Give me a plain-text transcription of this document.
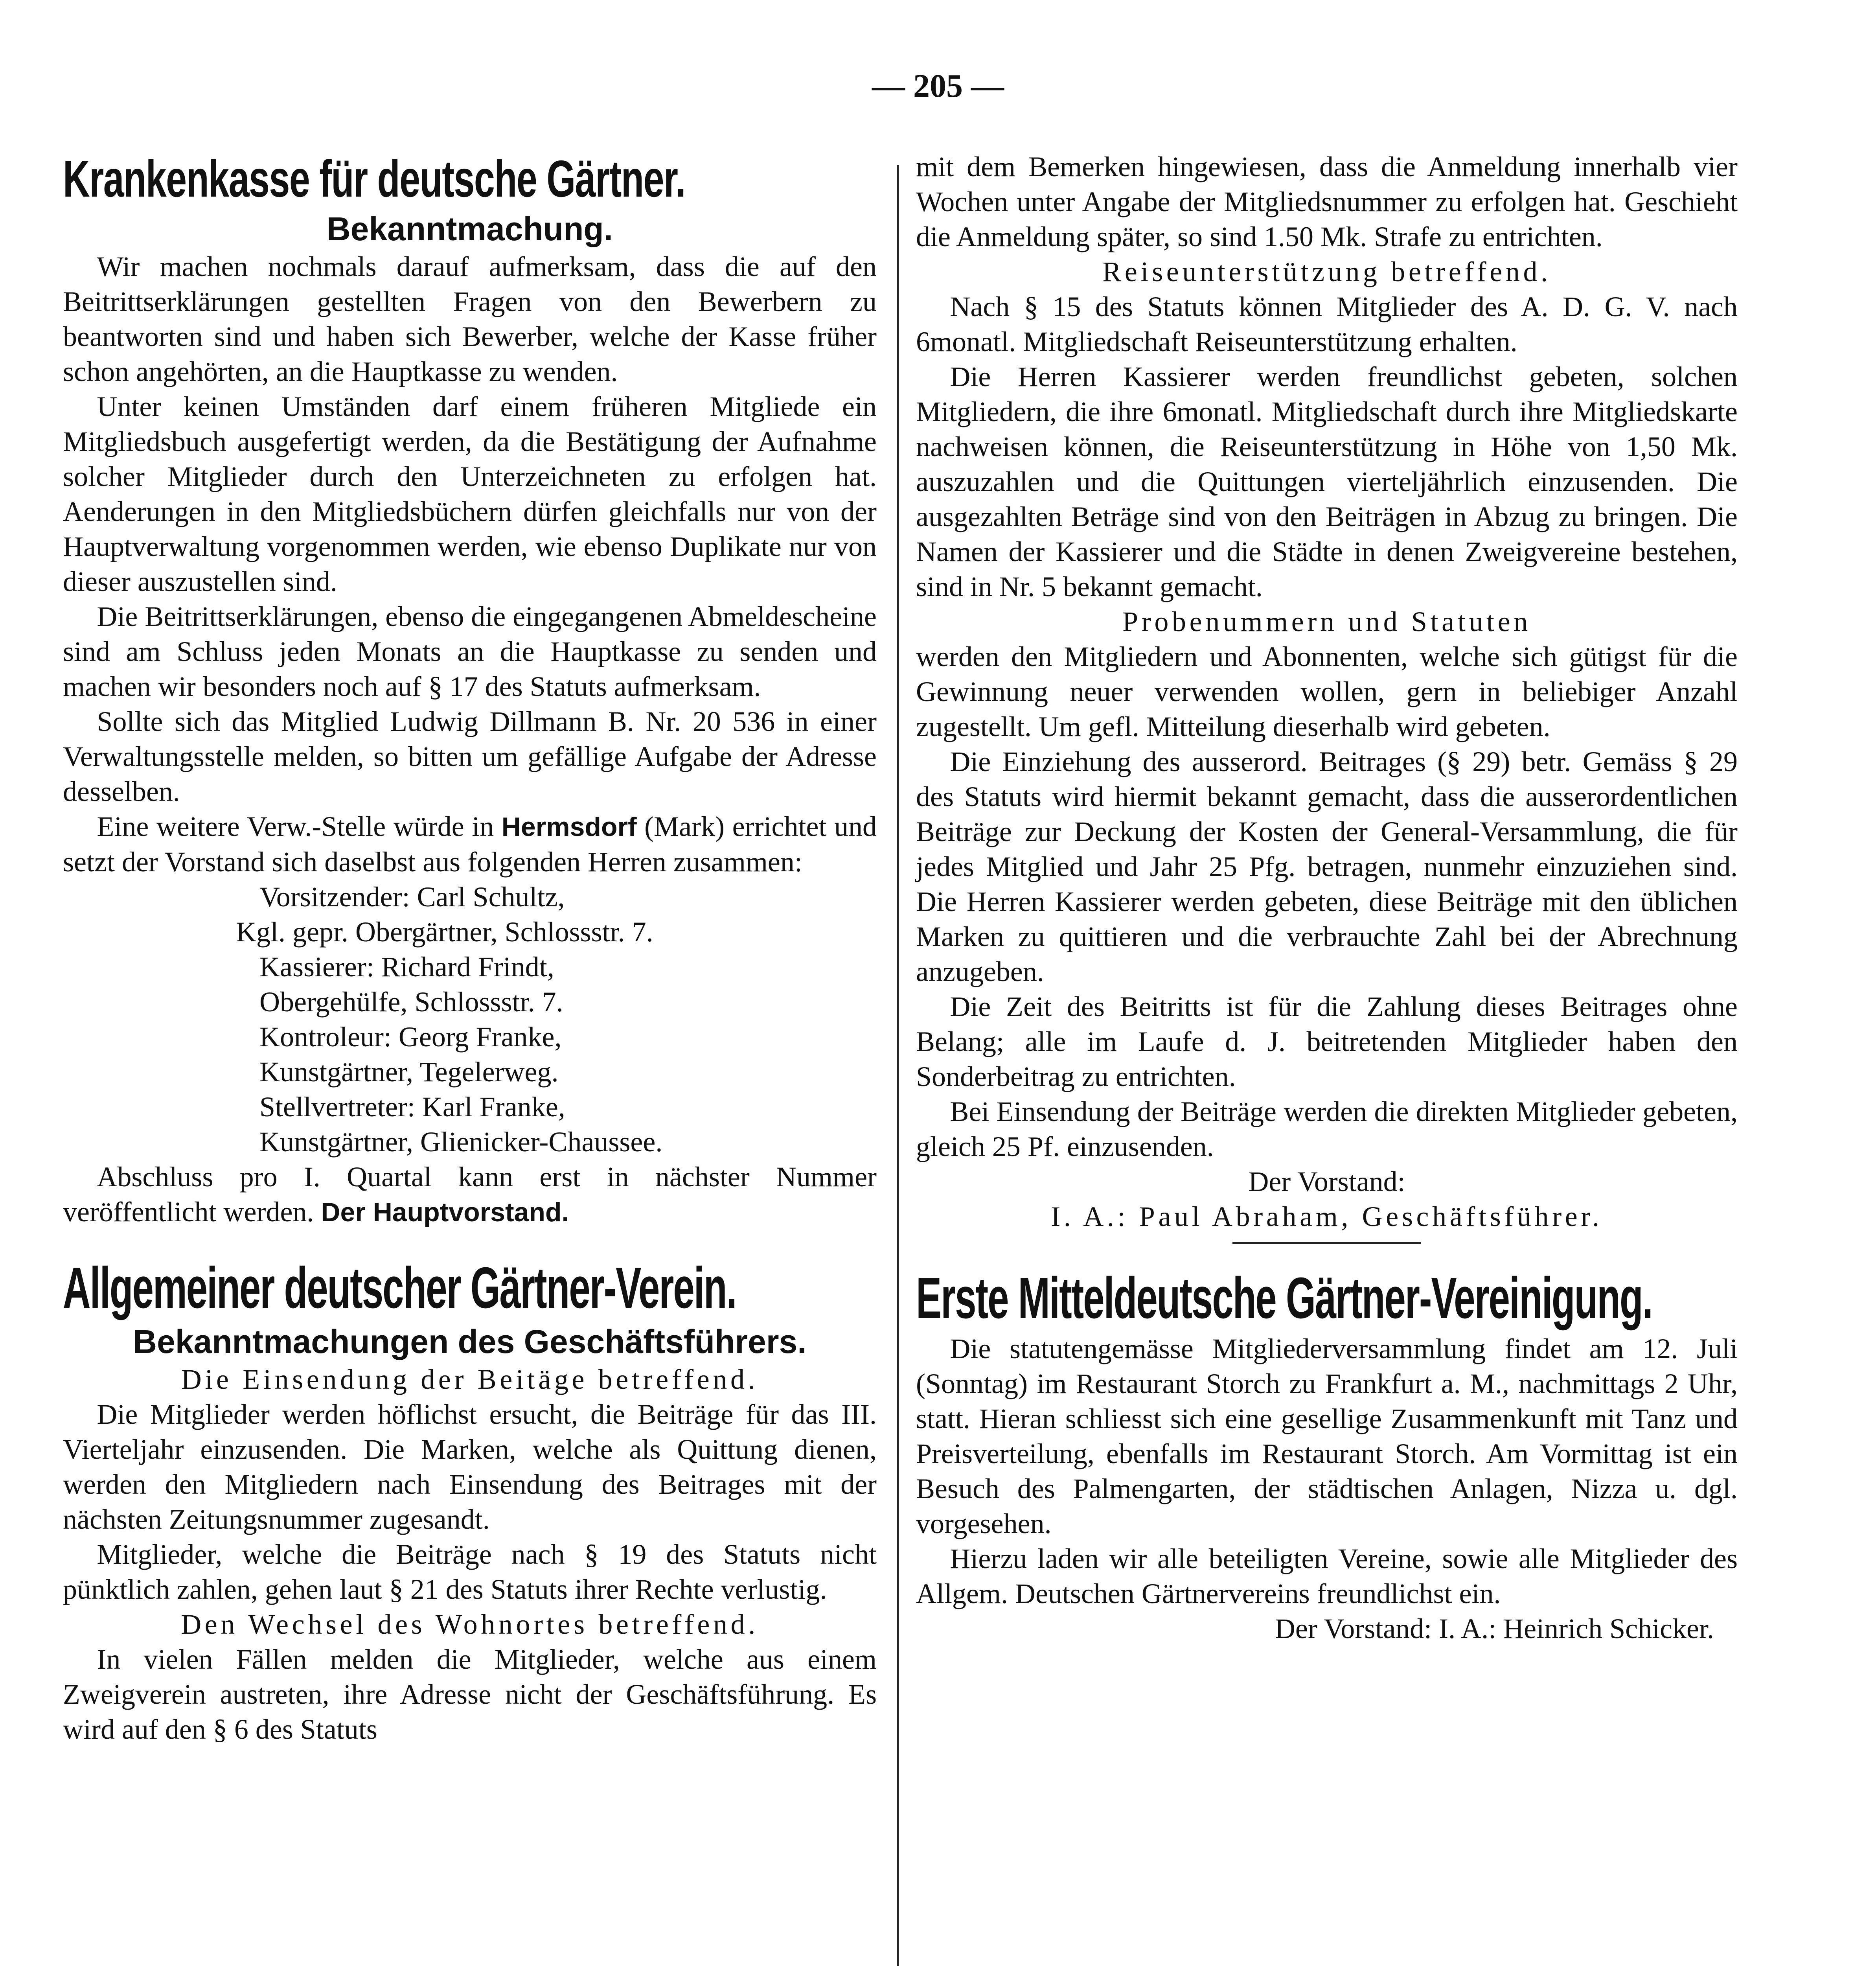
— 205 —
Krankenkasse für deutsche Gärtner.
Bekanntmachung.

Wir machen nochmals darauf aufmerksam, dass die auf den Beitrittserklärungen gestellten Fragen von den Bewerbern zu beantworten sind und haben sich Bewerber, welche der Kasse früher schon angehörten, an die Hauptkasse zu wenden.

Unter keinen Umständen darf einem früheren Mitgliede ein Mitgliedsbuch ausgefertigt werden, da die Bestätigung der Aufnahme solcher Mitglieder durch den Unterzeichneten zu erfolgen hat. Aenderungen in den Mitgliedsbüchern dürfen gleichfalls nur von der Hauptverwaltung vorgenommen werden, wie ebenso Duplikate nur von dieser auszustellen sind.

Die Beitrittserklärungen, ebenso die eingegangenen Abmeldescheine sind am Schluss jeden Monats an die Hauptkasse zu senden und machen wir besonders noch auf § 17 des Statuts aufmerksam.

Sollte sich das Mitglied Ludwig Dillmann B. Nr. 20 536 in einer Verwaltungsstelle melden, so bitten um gefällige Aufgabe der Adresse desselben.

Eine weitere Verw.-Stelle würde in Hermsdorf (Mark) errichtet und setzt der Vorstand sich daselbst aus folgenden Herren zusammen:

Vorsitzender: Carl Schultz,
Kgl. gepr. Obergärtner, Schlossstr. 7.
Kassierer: Richard Frindt,
Obergehülfe, Schlossstr. 7.
Kontroleur: Georg Franke,
Kunstgärtner, Tegelerweg.
Stellvertreter: Karl Franke,
Kunstgärtner, Glienicker-Chaussee.

Abschluss pro I. Quartal kann erst in nächster Nummer veröffentlicht werden. Der Hauptvorstand.

Allgemeiner deutscher Gärtner-Verein.
Bekanntmachungen des Geschäftsführers.
Die Einsendung der Beitäge betreffend.

Die Mitglieder werden höflichst ersucht, die Beiträge für das III. Vierteljahr einzusenden. Die Marken, welche als Quittung dienen, werden den Mitgliedern nach Einsendung des Beitrages mit der nächsten Zeitungsnummer zugesandt.

Mitglieder, welche die Beiträge nach § 19 des Statuts nicht pünktlich zahlen, gehen laut § 21 des Statuts ihrer Rechte verlustig.

Den Wechsel des Wohnortes betreffend.

In vielen Fällen melden die Mitglieder, welche aus einem Zweigverein austreten, ihre Adresse nicht der Geschäftsführung. Es wird auf den § 6 des Statuts

mit dem Bemerken hingewiesen, dass die Anmeldung innerhalb vier Wochen unter Angabe der Mitgliedsnummer zu erfolgen hat. Geschieht die Anmeldung später, so sind 1.50 Mk. Strafe zu entrichten.

Reiseunterstützung betreffend.

Nach § 15 des Statuts können Mitglieder des A. D. G. V. nach 6monatl. Mitgliedschaft Reiseunterstützung erhalten.

Die Herren Kassierer werden freundlichst gebeten, solchen Mitgliedern, die ihre 6monatl. Mitgliedschaft durch ihre Mitgliedskarte nachweisen können, die Reiseunterstützung in Höhe von 1,50 Mk. auszuzahlen und die Quittungen vierteljährlich einzusenden. Die ausgezahlten Beträge sind von den Beiträgen in Abzug zu bringen. Die Namen der Kassierer und die Städte in denen Zweigvereine bestehen, sind in Nr. 5 bekannt gemacht.

Probenummern und Statuten

werden den Mitgliedern und Abonnenten, welche sich gütigst für die Gewinnung neuer verwenden wollen, gern in beliebiger Anzahl zugestellt. Um gefl. Mitteilung dieserhalb wird gebeten.

Die Einziehung des ausserord. Beitrages (§ 29) betr. Gemäss § 29 des Statuts wird hiermit bekannt gemacht, dass die ausserordentlichen Beiträge zur Deckung der Kosten der General-Versammlung, die für jedes Mitglied und Jahr 25 Pfg. betragen, nunmehr einzuziehen sind. Die Herren Kassierer werden gebeten, diese Beiträge mit den üblichen Marken zu quittieren und die verbrauchte Zahl bei der Abrechnung anzugeben.

Die Zeit des Beitritts ist für die Zahlung dieses Beitrages ohne Belang; alle im Laufe d. J. beitretenden Mitglieder haben den Sonderbeitrag zu entrichten.

Bei Einsendung der Beiträge werden die direkten Mitglieder gebeten, gleich 25 Pf. einzusenden.

Der Vorstand:
I. A.: Paul Abraham, Geschäftsführer.
Erste Mitteldeutsche Gärtner-Vereinigung.

Die statutengemässe Mitgliederversammlung findet am 12. Juli (Sonntag) im Restaurant Storch zu Frankfurt a. M., nachmittags 2 Uhr, statt. Hieran schliesst sich eine gesellige Zusammenkunft mit Tanz und Preisverteilung, ebenfalls im Restaurant Storch. Am Vormittag ist ein Besuch des Palmengarten, der städtischen Anlagen, Nizza u. dgl. vorgesehen.

Hierzu laden wir alle beteiligten Vereine, sowie alle Mitglieder des Allgem. Deutschen Gärtnervereins freundlichst ein.

Der Vorstand: I. A.: Heinrich Schicker.
